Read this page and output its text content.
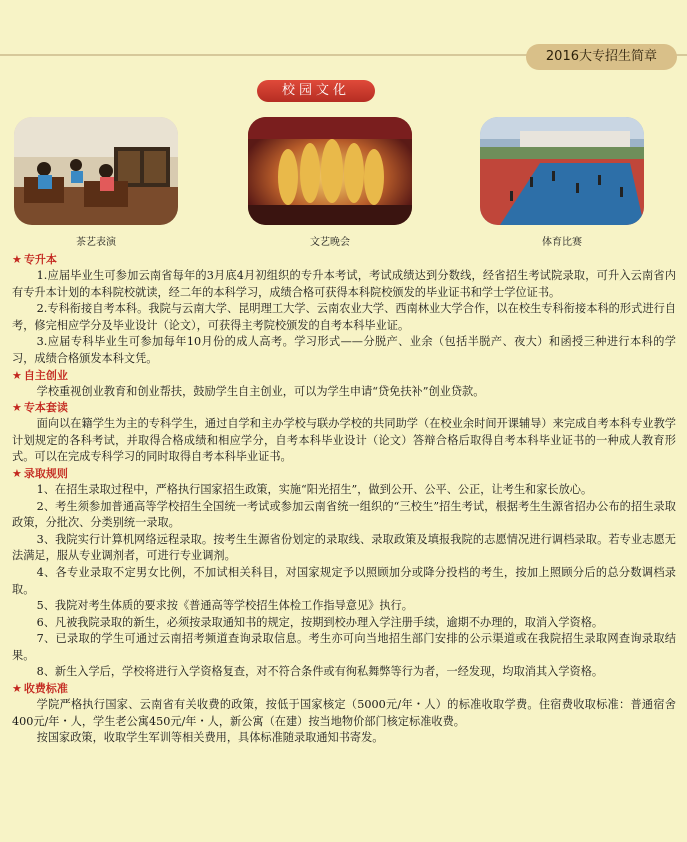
2016大专招生简章
校园文化
茶艺表演	文艺晚会	体育比赛
★ 专升本

1.应届毕业生可参加云南省每年的3月底4月初组织的专升本考试，考试成绩达到分数线，经省招生考试院录取，可升入云南省内有专升本计划的本科院校就读，经二年的本科学习，成绩合格可获得本科院校颁发的毕业证书和学士学位证书。

2.专科衔接自考本科。我院与云南大学、昆明理工大学、云南农业大学、西南林业大学合作，以在校生专科衔接本科的形式进行自考，修完相应学分及毕业设计（论文），可获得主考院校颁发的自考本科毕业证。

3.应届专科毕业生可参加每年10月份的成人高考。学习形式——分脱产、业余（包括半脱产、夜大）和函授三种进行本科的学习，成绩合格颁发本科文凭。

★ 自主创业

学校重视创业教育和创业帮扶，鼓励学生自主创业，可以为学生申请“贷免扶补”创业贷款。

★ 专本套读

面向以在籍学生为主的专科学生，通过自学和主办学校与联办学校的共同助学（在校业余时间开课辅导）来完成自考本科专业教学计划规定的各科考试，并取得合格成绩和相应学分，自考本科毕业设计（论文）答辩合格后取得自考本科毕业证书的一种成人教育形式。可以在完成专科学习的同时取得自考本科毕业证书。

★ 录取规则

1、在招生录取过程中，严格执行国家招生政策，实施“阳光招生”，做到公开、公平、公正，让考生和家长放心。

2、考生须参加普通高等学校招生全国统一考试或参加云南省统一组织的“三校生”招生考试，根据考生生源省招办公布的招生录取政策，分批次、分类别统一录取。

3、我院实行计算机网络远程录取。按考生生源省份划定的录取线、录取政策及填报我院的志愿情况进行调档录取。若专业志愿无法满足，服从专业调剂者，可进行专业调剂。

4、各专业录取不定男女比例，不加试相关科目，对国家规定予以照顾加分或降分投档的考生，按加上照顾分后的总分数调档录取。

5、我院对考生体质的要求按《普通高等学校招生体检工作指导意见》执行。

6、凡被我院录取的新生，必须按录取通知书的规定，按期到校办理入学注册手续，逾期不办理的，取消入学资格。

7、已录取的学生可通过云南招考频道查询录取信息。考生亦可向当地招生部门安排的公示渠道或在我院招生录取网查询录取结果。

8、新生入学后，学校将进行入学资格复查，对不符合条件或有徇私舞弊等行为者，一经发现，均取消其入学资格。

★ 收费标准

学院严格执行国家、云南省有关收费的政策，按低于国家核定（5000元/年・人）的标准收取学费。住宿费收取标准：普通宿舍400元/年・人，学生老公寓450元/年・人，新公寓（在建）按当地物价部门核定标准收费。

按国家政策，收取学生军训等相关费用，具体标准随录取通知书寄发。
